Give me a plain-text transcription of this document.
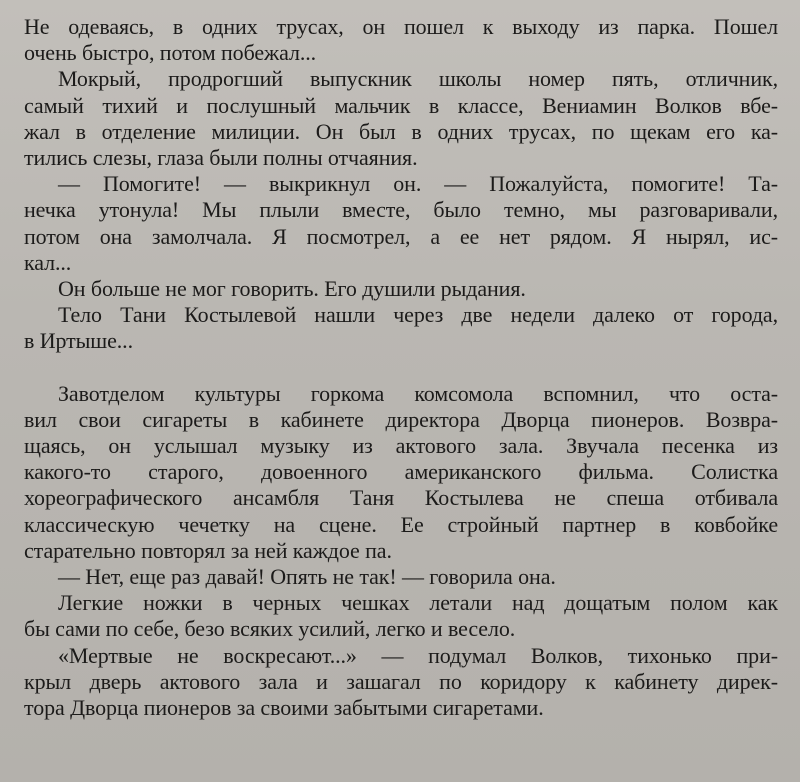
Не одеваясь, в одних трусах, он пошел к выходу из парка. Пошел
очень быстро, потом побежал...

Мокрый, продрогший выпускник школы номер пять, отличник,
самый тихий и послушный мальчик в классе, Вениамин Волков вбе-
жал в отделение милиции. Он был в одних трусах, по щекам его ка-
тились слезы, глаза были полны отчаяния.

— Помогите! — выкрикнул он. — Пожалуйста, помогите! Та-
нечка утонула! Мы плыли вместе, было темно, мы разговаривали,
потом она замолчала. Я посмотрел, а ее нет рядом. Я нырял, ис-
кал...

Он больше не мог говорить. Его душили рыдания.

Тело Тани Костылевой нашли через две недели далеко от города,
в Иртыше...

Завотделом культуры горкома комсомола вспомнил, что оста-
вил свои сигареты в кабинете директора Дворца пионеров. Возвра-
щаясь, он услышал музыку из актового зала. Звучала песенка из
какого-то старого, довоенного американского фильма. Солистка
хореографического ансамбля Таня Костылева не спеша отбивала
классическую чечетку на сцене. Ее стройный партнер в ковбойке
старательно повторял за ней каждое па.

— Нет, еще раз давай! Опять не так! — говорила она.

Легкие ножки в черных чешках летали над дощатым полом как
бы сами по себе, безо всяких усилий, легко и весело.

«Мертвые не воскресают...» — подумал Волков, тихонько при-
крыл дверь актового зала и зашагал по коридору к кабинету дирек-
тора Дворца пионеров за своими забытыми сигаретами.
